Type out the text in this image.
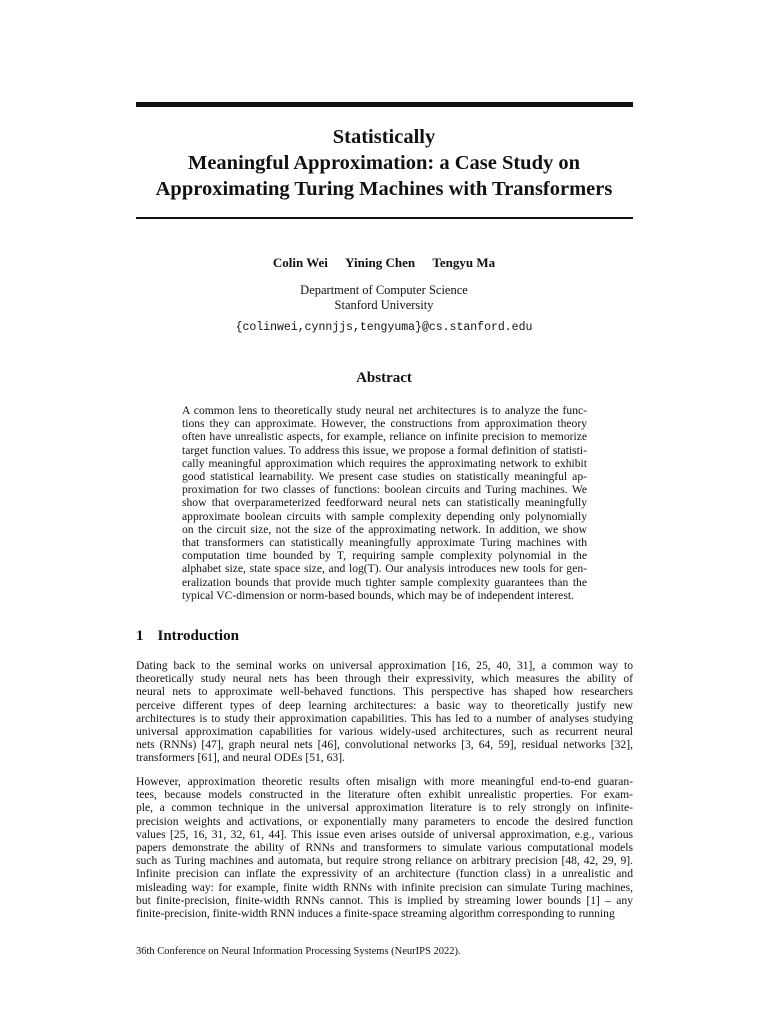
Statistically
Meaningful Approximation: a Case Study on
Approximating Turing Machines with Transformers
Colin Wei Yining Chen Tengyu Ma
Department of Computer Science
Stanford University
{colinwei,cynnjjs,tengyuma}@cs.stanford.edu
Abstract
A common lens to theoretically study neural net architectures is to analyze the func-
tions they can approximate. However, the constructions from approximation theory
often have unrealistic aspects, for example, reliance on infinite precision to memorize
target function values. To address this issue, we propose a formal definition of statisti-
cally meaningful approximation which requires the approximating network to exhibit
good statistical learnability. We present case studies on statistically meaningful ap-
proximation for two classes of functions: boolean circuits and Turing machines. We
show that overparameterized feedforward neural nets can statistically meaningfully
approximate boolean circuits with sample complexity depending only polynomially
on the circuit size, not the size of the approximating network. In addition, we show
that transformers can statistically meaningfully approximate Turing machines with
computation time bounded by T, requiring sample complexity polynomial in the
alphabet size, state space size, and log(T). Our analysis introduces new tools for gen-
eralization bounds that provide much tighter sample complexity guarantees than the
typical VC-dimension or norm-based bounds, which may be of independent interest.
1 Introduction
Dating back to the seminal works on universal approximation [16, 25, 40, 31], a common way to
theoretically study neural nets has been through their expressivity, which measures the ability of
neural nets to approximate well-behaved functions. This perspective has shaped how researchers
perceive different types of deep learning architectures: a basic way to theoretically justify new
architectures is to study their approximation capabilities. This has led to a number of analyses studying
universal approximation capabilities for various widely-used architectures, such as recurrent neural
nets (RNNs) [47], graph neural nets [46], convolutional networks [3, 64, 59], residual networks [32],
transformers [61], and neural ODEs [51, 63].
However, approximation theoretic results often misalign with more meaningful end-to-end guaran-
tees, because models constructed in the literature often exhibit unrealistic properties. For exam-
ple, a common technique in the universal approximation literature is to rely strongly on infinite-
precision weights and activations, or exponentially many parameters to encode the desired function
values [25, 16, 31, 32, 61, 44]. This issue even arises outside of universal approximation, e.g., various
papers demonstrate the ability of RNNs and transformers to simulate various computational models
such as Turing machines and automata, but require strong reliance on arbitrary precision [48, 42, 29, 9].
Infinite precision can inflate the expressivity of an architecture (function class) in a unrealistic and
misleading way: for example, finite width RNNs with infinite precision can simulate Turing machines,
but finite-precision, finite-width RNNs cannot. This is implied by streaming lower bounds [1] – any
finite-precision, finite-width RNN induces a finite-space streaming algorithm corresponding to running
36th Conference on Neural Information Processing Systems (NeurIPS 2022).
